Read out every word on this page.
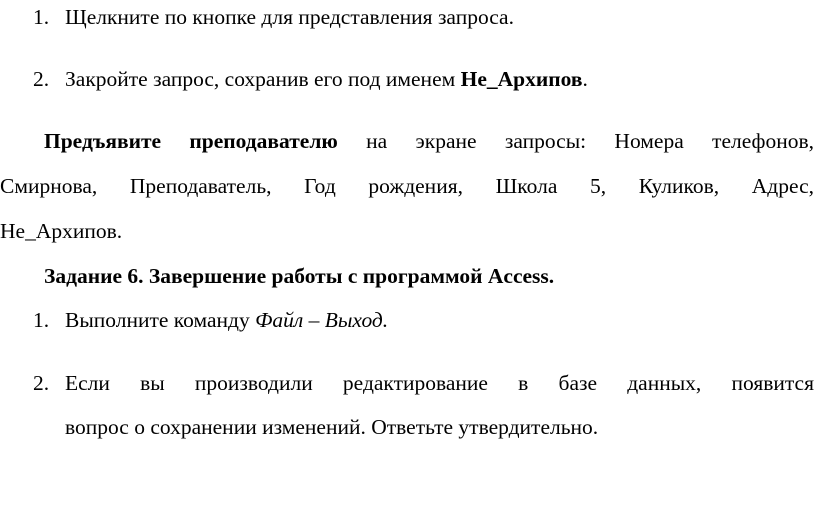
1. Щелкните по кнопке для представления запроса.
2. Закройте запрос, сохранив его под именем Не_Архипов.
Предъявите преподавателю на экране запросы: Номера телефонов,
Смирнова, Преподаватель, Год рождения, Школа 5, Куликов, Адрес,
Не_Архипов.
Задание 6. Завершение работы с программой Access.
1. Выполните команду Файл – Выход.
2. Если вы производили редактирование в базе данных, появится
вопрос о сохранении изменений. Ответьте утвердительно.
